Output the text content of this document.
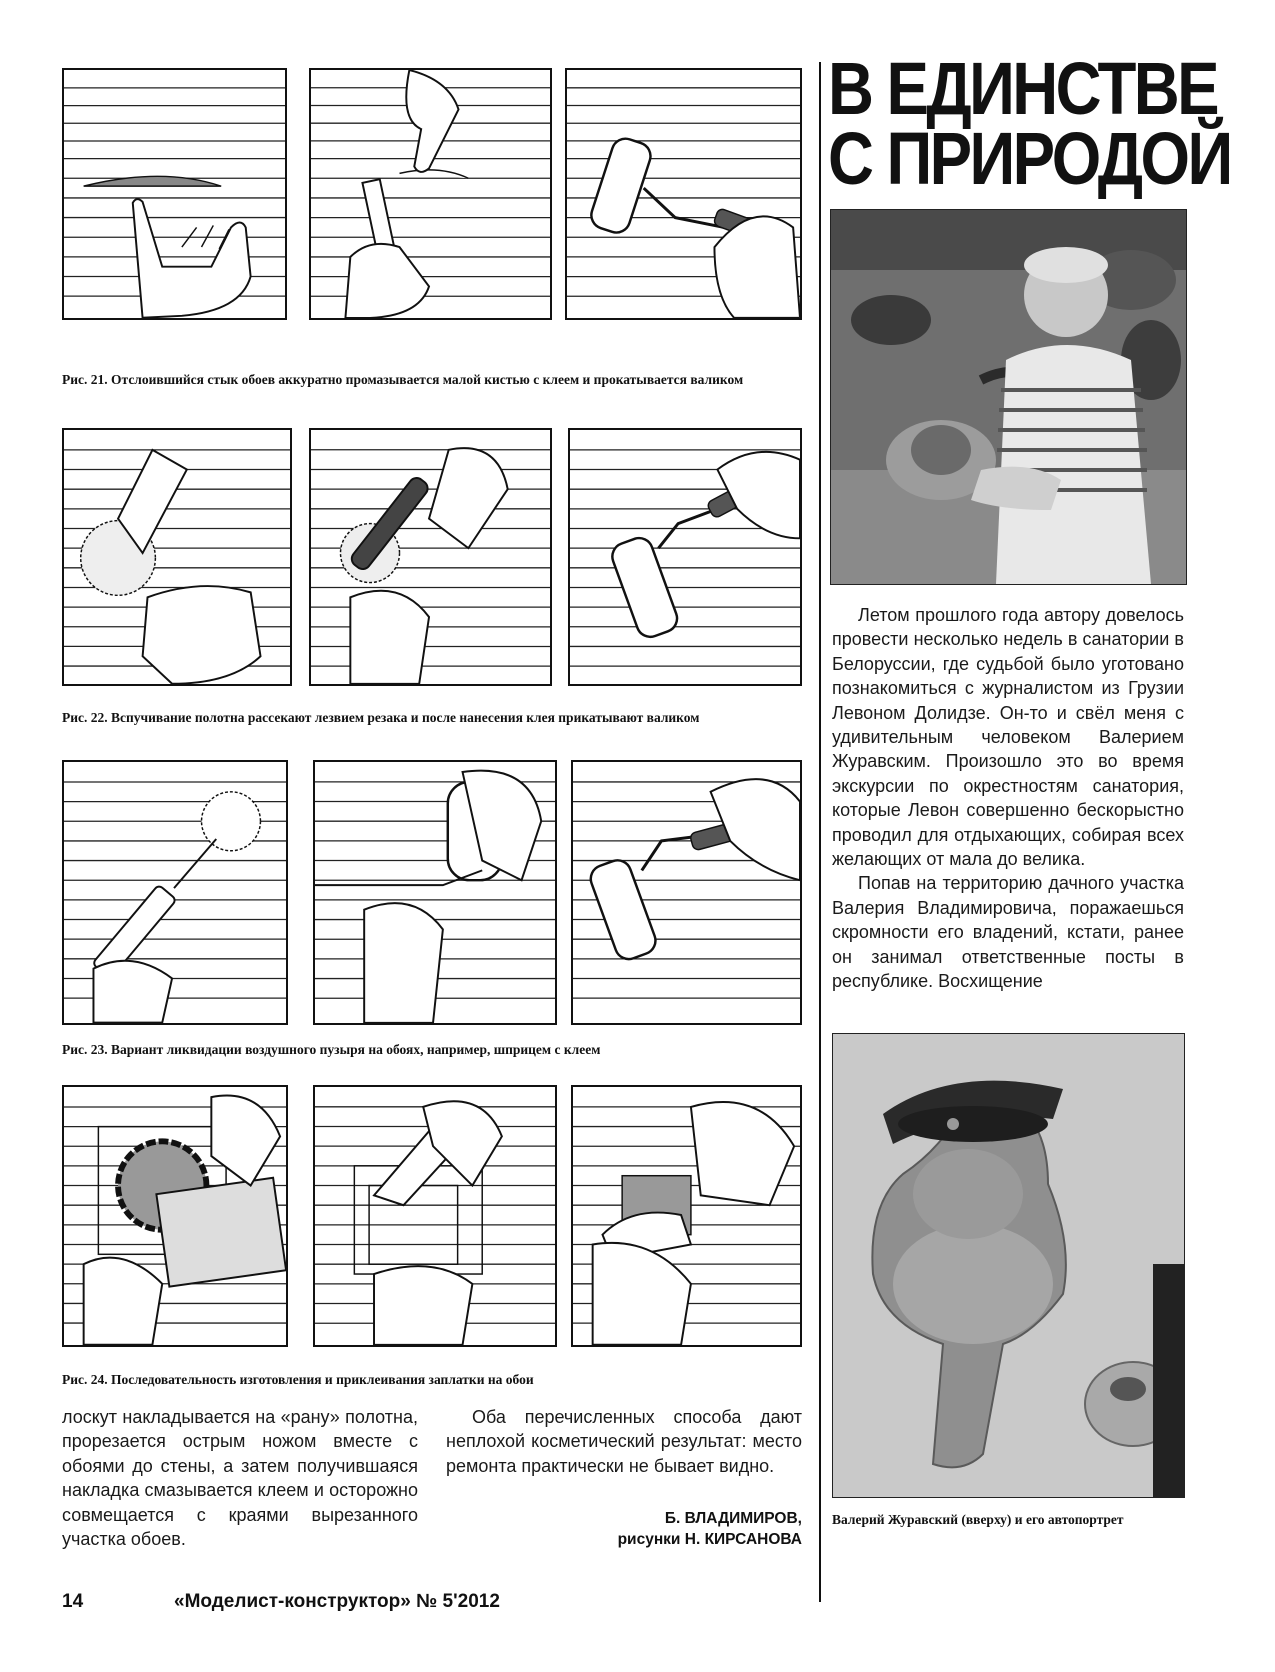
Рис. 21. Отслоившийся стык обоев аккуратно промазывается малой кистью с клеем и прокатывается валиком
Рис. 22. Вспучивание полотна рассекают лезвием резака и после нанесения клея прикатывают валиком
Рис. 23. Вариант ликвидации воздушного пузыря на обоях, например, шприцем с клеем
Рис. 24. Последовательность изготовления и приклеивания заплатки на обои

лоскут накладывается на «рану» полотна, прорезается острым ножом вместе с обоями до стены, а затем получившаяся накладка смазывается клеем и осторожно совмещается с краями вырезанного участка обоев.

Оба перечисленных способа дают неплохой косметический результат: место ремонта практически не бывает видно.

Б. ВЛАДИМИРОВ,
рисунки Н. КИРСАНОВА
14	«Моделист-конструктор» № 5'2012
В ЕДИНСТВЕ
С ПРИРОДОЙ

Летом прошлого года автору довелось провести несколько недель в санатории в Белоруссии, где судьбой было уготовано познакомиться с журналистом из Грузии Левоном Долидзе. Он-то и свёл меня с удивительным человеком Валерием Журавским. Произошло это во время экскурсии по окрестностям санатория, которые Левон совершенно бескорыстно проводил для отдыхающих, собирая всех желающих от мала до велика.

Попав на территорию дачного участка Валерия Владимировича, поражаешься скромности его владений, кстати, ранее он занимал ответственные посты в республике. Восхищение

Валерий Журавский (вверху) и его автопортрет
